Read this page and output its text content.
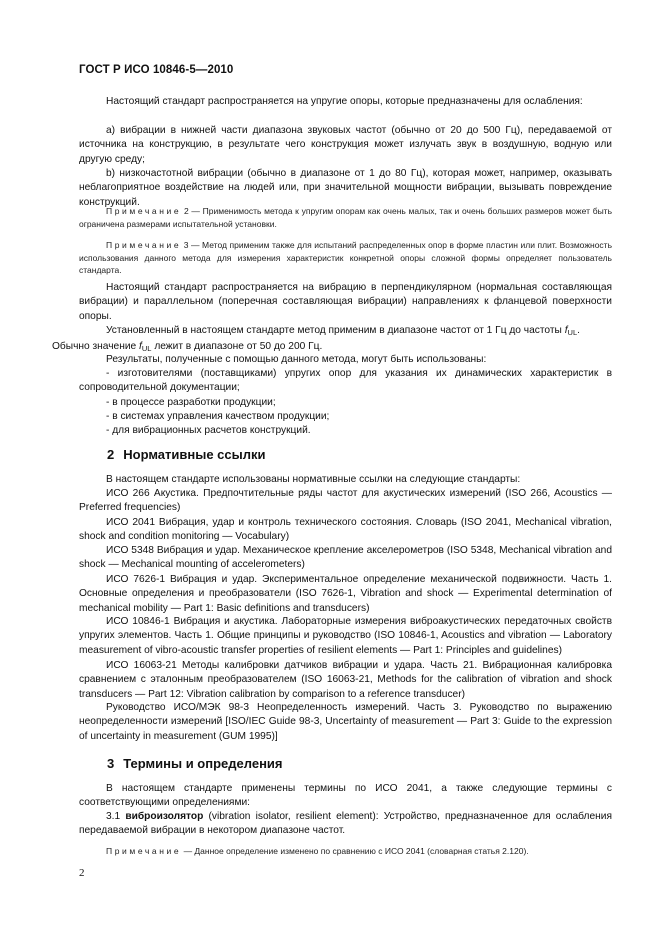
ГОСТ Р ИСО 10846-5—2010
Настоящий стандарт распространяется на упругие опоры, которые предназначены для ослабления:
а) вибрации в нижней части диапазона звуковых частот (обычно от 20 до 500 Гц), передаваемой от источника на конструкцию, в результате чего конструкция может излучать звук в воздушную, водную или другую среду;
b) низкочастотной вибрации (обычно в диапазоне от 1 до 80 Гц), которая может, например, оказывать неблагоприятное воздействие на людей или, при значительной мощности вибрации, вызывать повреждение конструкций.
Примечание 2 — Применимость метода к упругим опорам как очень малых, так и очень больших размеров может быть ограничена размерами испытательной установки.
Примечание 3 — Метод применим также для испытаний распределенных опор в форме пластин или плит. Возможность использования данного метода для измерения характеристик конкретной опоры сложной формы определяет пользователь стандарта.
Настоящий стандарт распространяется на вибрацию в перпендикулярном (нормальная составляющая вибрации) и параллельном (поперечная составляющая вибрации) направлениях к фланцевой поверхности опоры.
Установленный в настоящем стандарте метод применим в диапазоне частот от 1 Гц до частоты $f_{UL}$.
Обычно значение $f_{UL}$ лежит в диапазоне от 50 до 200 Гц.
Результаты, полученные с помощью данного метода, могут быть использованы:
- изготовителями (поставщиками) упругих опор для указания их динамических характеристик в сопроводительной документации;
- в процессе разработки продукции;
- в системах управления качеством продукции;
- для вибрационных расчетов конструкций.
2 Нормативные ссылки
В настоящем стандарте использованы нормативные ссылки на следующие стандарты:
ИСО 266 Акустика. Предпочтительные ряды частот для акустических измерений (ISO 266, Acoustics — Preferred frequencies)
ИСО 2041 Вибрация, удар и контроль технического состояния. Словарь (ISO 2041, Mechanical vibration, shock and condition monitoring — Vocabulary)
ИСО 5348 Вибрация и удар. Механическое крепление акселерометров (ISO 5348, Mechanical vibration and shock — Mechanical mounting of accelerometers)
ИСО 7626-1 Вибрация и удар. Экспериментальное определение механической подвижности. Часть 1. Основные определения и преобразователи (ISO 7626-1, Vibration and shock — Experimental determination of mechanical mobility — Part 1: Basic definitions and transducers)
ИСО 10846-1 Вибрация и акустика. Лабораторные измерения виброакустических передаточных свойств упругих элементов. Часть 1. Общие принципы и руководство (ISO 10846-1, Acoustics and vibration — Laboratory measurement of vibro-acoustic transfer properties of resilient elements — Part 1: Principles and guidelines)
ИСО 16063-21 Методы калибровки датчиков вибрации и удара. Часть 21. Вибрационная калибровка сравнением с эталонным преобразователем (ISO 16063-21, Methods for the calibration of vibration and shock transducers — Part 12: Vibration calibration by comparison to a reference transducer)
Руководство ИСО/МЭК 98-3 Неопределенность измерений. Часть 3. Руководство по выражению неопределенности измерений [ISO/IEC Guide 98-3, Uncertainty of measurement — Part 3: Guide to the expression of uncertainty in measurement (GUM 1995)]
3 Термины и определения
В настоящем стандарте применены термины по ИСО 2041, а также следующие термины с соответствующими определениями:
3.1 виброизолятор (vibration isolator, resilient element): Устройство, предназначенное для ослабления передаваемой вибрации в некотором диапазоне частот.
Примечание — Данное определение изменено по сравнению с ИСО 2041 (словарная статья 2.120).
2
